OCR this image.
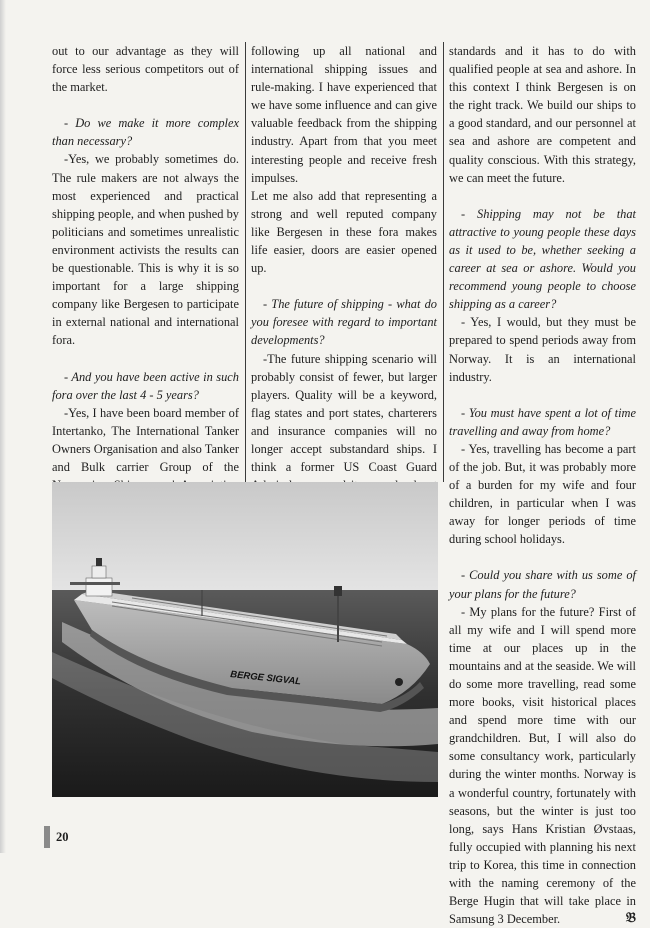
out to our advantage as they will force less serious competitors out of the market.

- Do we make it more complex than necessary?

-Yes, we probably sometimes do. The rule makers are not always the most experienced and practical shipping people, and when pushed by politicians and sometimes unrealistic environment activists the results can be questionable. This is why it is so important for a large shipping company like Bergesen to participate in external national and international fora.

- And you have been active in such fora over the last 4 - 5 years?

-Yes, I have been board member of Intertanko, The International Tanker Owners Organisation and also Tanker and Bulk carrier Group of the

following up all national and international shipping issues and rule-making. I have experienced that we have some influence and can give valuable feedback from the shipping industry. Apart from that you meet interesting people and receive fresh impulses.

Let me also add that representing a strong and well reputed company like Bergesen in these fora makes life easier, doors are easier opened up.

- The future of shipping - what do you foresee with regard to important developments?

-The future shipping scenario will probably consist of fewer, but larger players. Quality will be a keyword, flag states and port states, charterers and insurance companies will no longer accept substandard ships. I think a former US Coast Guard

standards and it has to do with qualified people at sea and ashore. In this context I think Bergesen is on the right track. We build our ships to a good standard, and our personnel at sea and ashore are competent and quality conscious. With this strategy, we can meet the future.

- Shipping may not be that attractive to young people these days as it used to be, whether seeking a career at sea or ashore. Would you recommend young people to choose shipping as a career?

- Yes, I would, but they must be prepared to spend periods away from Norway. It is an international industry.

- You must have spent a lot of time travelling and away from home?

- Yes, travelling has become a part of the job. But, it was probably more of a burden for my wife and four children, in particular when I was away for longer periods of time during school holidays.

- Could you share with us some of your plans for the future?

- My plans for the future? First of all my wife and I will spend more time at our places up in the mountains and at the seaside. We will do some more travelling, read some more books, visit historical places and spend more time with our grandchildren. But, I will also do some consultancy work, particularly during the winter months. Norway is a wonderful country, fortunately with seasons, but the winter is just too long, says Hans Kristian Øvstaas, fully occupied with planning his next trip to Korea, this time in connection with the naming ceremony of the Berge Hugin that will take place in Samsung 3 December.	𝔅

BERGE SIGVAL
20
